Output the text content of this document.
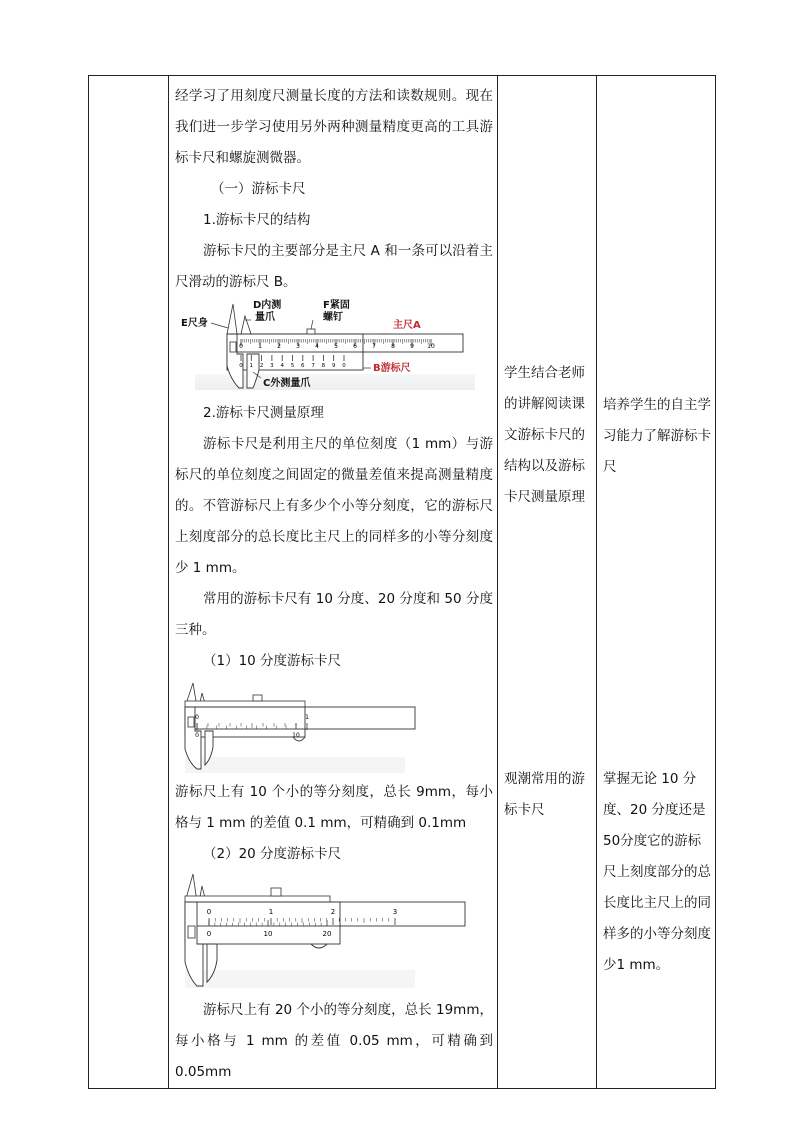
经学习了用刻度尺测量长度的方法和读数规则。现在我们进一步学习使用另外两种测量精度更高的工具游标卡尺和螺旋测微器。

（一）游标卡尺

1.游标卡尺的结构

游标卡尺的主要部分是主尺 A 和一条可以沿着主尺滑动的游标尺 B。

0	1	2	3	4	5	6	7	8	9 10
0 1 2 3 4 5 6 7 8 9 0
E尺身
D内测
量爪
F紧固
螺钉
主尺A
B游标尺
C外测量爪

2.游标卡尺测量原理

游标卡尺是利用主尺的单位刻度（1 mm）与游标尺的单位刻度之间固定的微量差值来提高测量精度的。不管游标尺上有多少个小等分刻度，它的游标尺上刻度部分的总长度比主尺上的同样多的小等分刻度少 1 mm。

常用的游标卡尺有 10 分度、20 分度和 50 分度三种。

（1）10 分度游标卡尺

0	1
0	10

游标尺上有 10 个小的等分刻度，总长 9mm，每小格与 1 mm 的差值 0.1 mm，可精确到 0.1mm

（2）20 分度游标卡尺

0	1	2	3
0	10	20

游标尺上有 20 个小的等分刻度，总长 19mm，每小格与 1 mm 的差值 0.05 mm，可精确到 0.05mm

学生结合老师的讲解阅读课文游标卡尺的结构以及游标卡尺测量原理

观潮常用的游标卡尺

培养学生的自主学习能力了解游标卡尺

掌握无论 10 分度、20 分度还是 50分度它的游标尺上刻度部分的总长度比主尺上的同样多的小等分刻度少1 mm。
